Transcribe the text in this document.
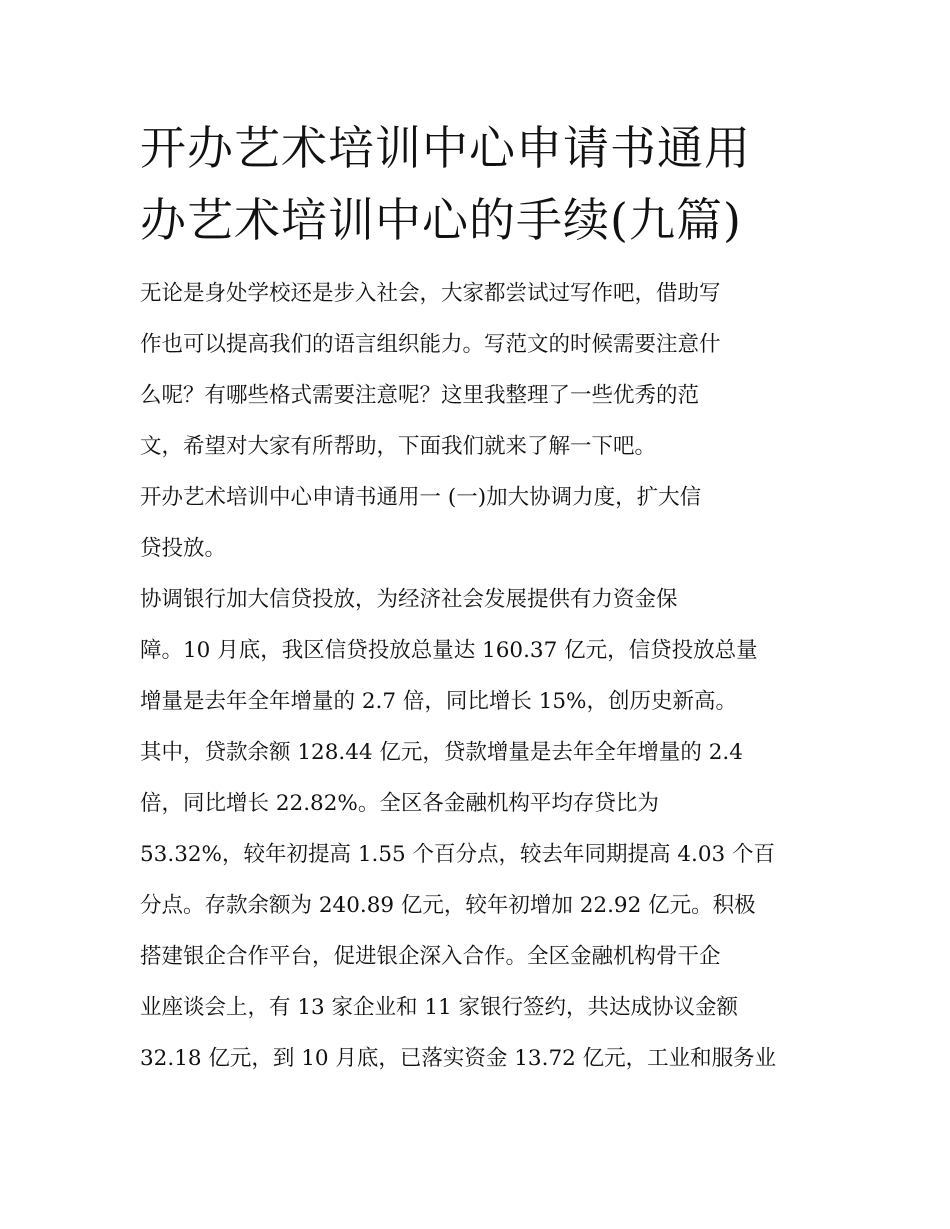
开办艺术培训中心申请书通用
办艺术培训中心的手续(九篇)
无论是身处学校还是步入社会，大家都尝试过写作吧，借助写
作也可以提高我们的语言组织能力。写范文的时候需要注意什
么呢？有哪些格式需要注意呢？这里我整理了一些优秀的范
文，希望对大家有所帮助，下面我们就来了解一下吧。
开办艺术培训中心申请书通用一 (一)加大协调力度，扩大信
贷投放。
协调银行加大信贷投放，为经济社会发展提供有力资金保
障。10 月底，我区信贷投放总量达 160.37 亿元，信贷投放总量
增量是去年全年增量的 2.7 倍，同比增长 15%，创历史新高。
其中，贷款余额 128.44 亿元，贷款增量是去年全年增量的 2.4
倍，同比增长 22.82%。全区各金融机构平均存贷比为
53.32%，较年初提高 1.55 个百分点，较去年同期提高 4.03 个百
分点。存款余额为 240.89 亿元，较年初增加 22.92 亿元。积极
搭建银企合作平台，促进银企深入合作。全区金融机构骨干企
业座谈会上，有 13 家企业和 11 家银行签约，共达成协议金额
32.18 亿元，到 10 月底，已落实资金 13.72 亿元，工业和服务业
